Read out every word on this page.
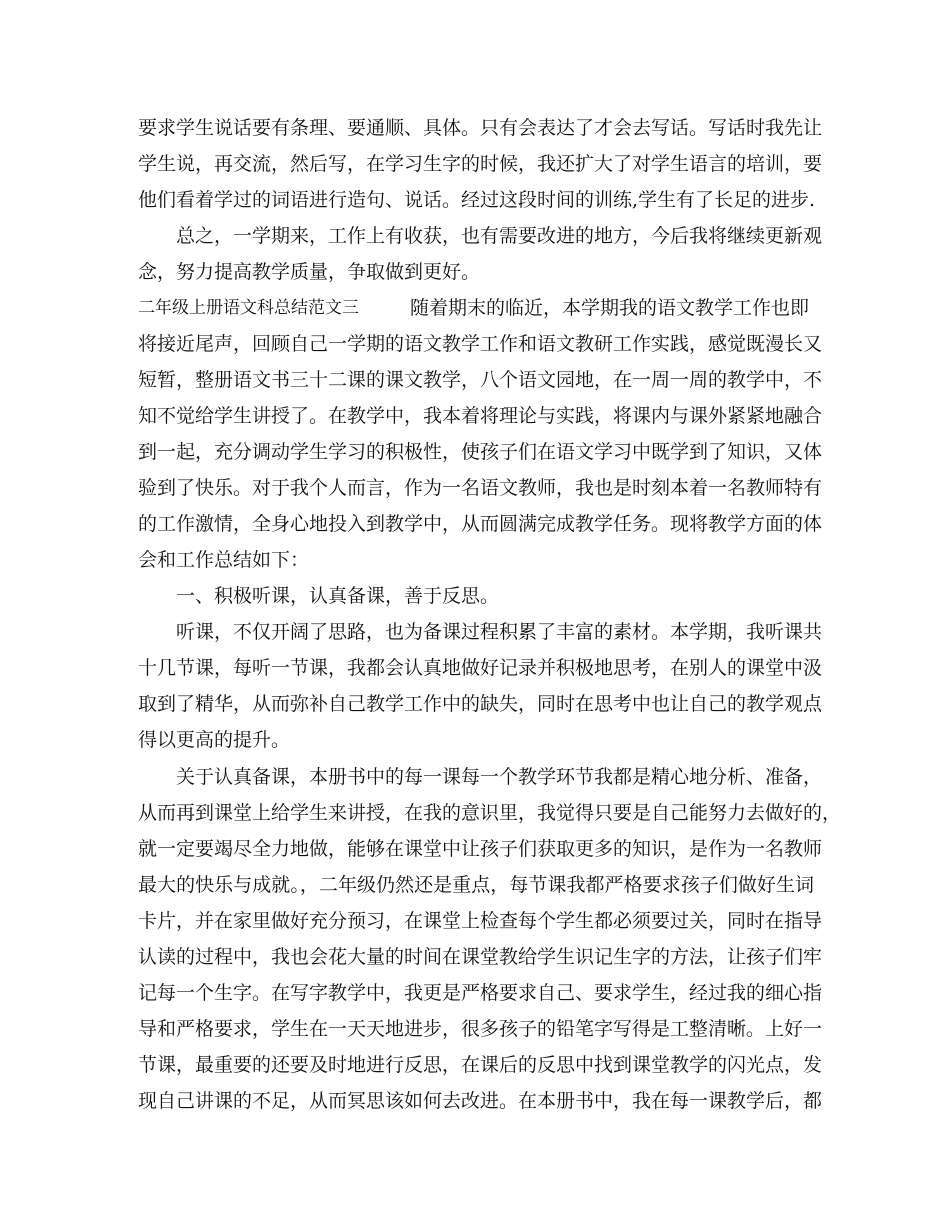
要求学生说话要有条理、要通顺、具体。只有会表达了才会去写话。写话时我先让
学生说，再交流，然后写，在学习生字的时候，我还扩大了对学生语言的培训，要
他们看着学过的词语进行造句、说话。经过这段时间的训练,学生有了长足的进步.
总之，一学期来，工作上有收获，也有需要改进的地方，今后我将继续更新观
念，努力提高教学质量，争取做到更好。
二年级上册语文科总结范文三	随着期末的临近，本学期我的语文教学工作也即
将接近尾声，回顾自己一学期的语文教学工作和语文教研工作实践，感觉既漫长又
短暂，整册语文书三十二课的课文教学，八个语文园地，在一周一周的教学中，不
知不觉给学生讲授了。在教学中，我本着将理论与实践，将课内与课外紧紧地融合
到一起，充分调动学生学习的积极性，使孩子们在语文学习中既学到了知识，又体
验到了快乐。对于我个人而言，作为一名语文教师，我也是时刻本着一名教师特有
的工作激情，全身心地投入到教学中，从而圆满完成教学任务。现将教学方面的体
会和工作总结如下：
一、积极听课，认真备课，善于反思。
听课，不仅开阔了思路，也为备课过程积累了丰富的素材。本学期，我听课共
十几节课，每听一节课，我都会认真地做好记录并积极地思考，在别人的课堂中汲
取到了精华，从而弥补自己教学工作中的缺失，同时在思考中也让自己的教学观点
得以更高的提升。
关于认真备课，本册书中的每一课每一个教学环节我都是精心地分析、准备，
从而再到课堂上给学生来讲授，在我的意识里，我觉得只要是自己能努力去做好的，
就一定要竭尽全力地做，能够在课堂中让孩子们获取更多的知识，是作为一名教师
最大的快乐与成就。，二年级仍然还是重点，每节课我都严格要求孩子们做好生词
卡片，并在家里做好充分预习，在课堂上检查每个学生都必须要过关，同时在指导
认读的过程中，我也会花大量的时间在课堂教给学生识记生字的方法，让孩子们牢
记每一个生字。在写字教学中，我更是严格要求自己、要求学生，经过我的细心指
导和严格要求，学生在一天天地进步，很多孩子的铅笔字写得是工整清晰。上好一
节课，最重要的还要及时地进行反思，在课后的反思中找到课堂教学的闪光点，发
现自己讲课的不足，从而冥思该如何去改进。在本册书中，我在每一课教学后，都
